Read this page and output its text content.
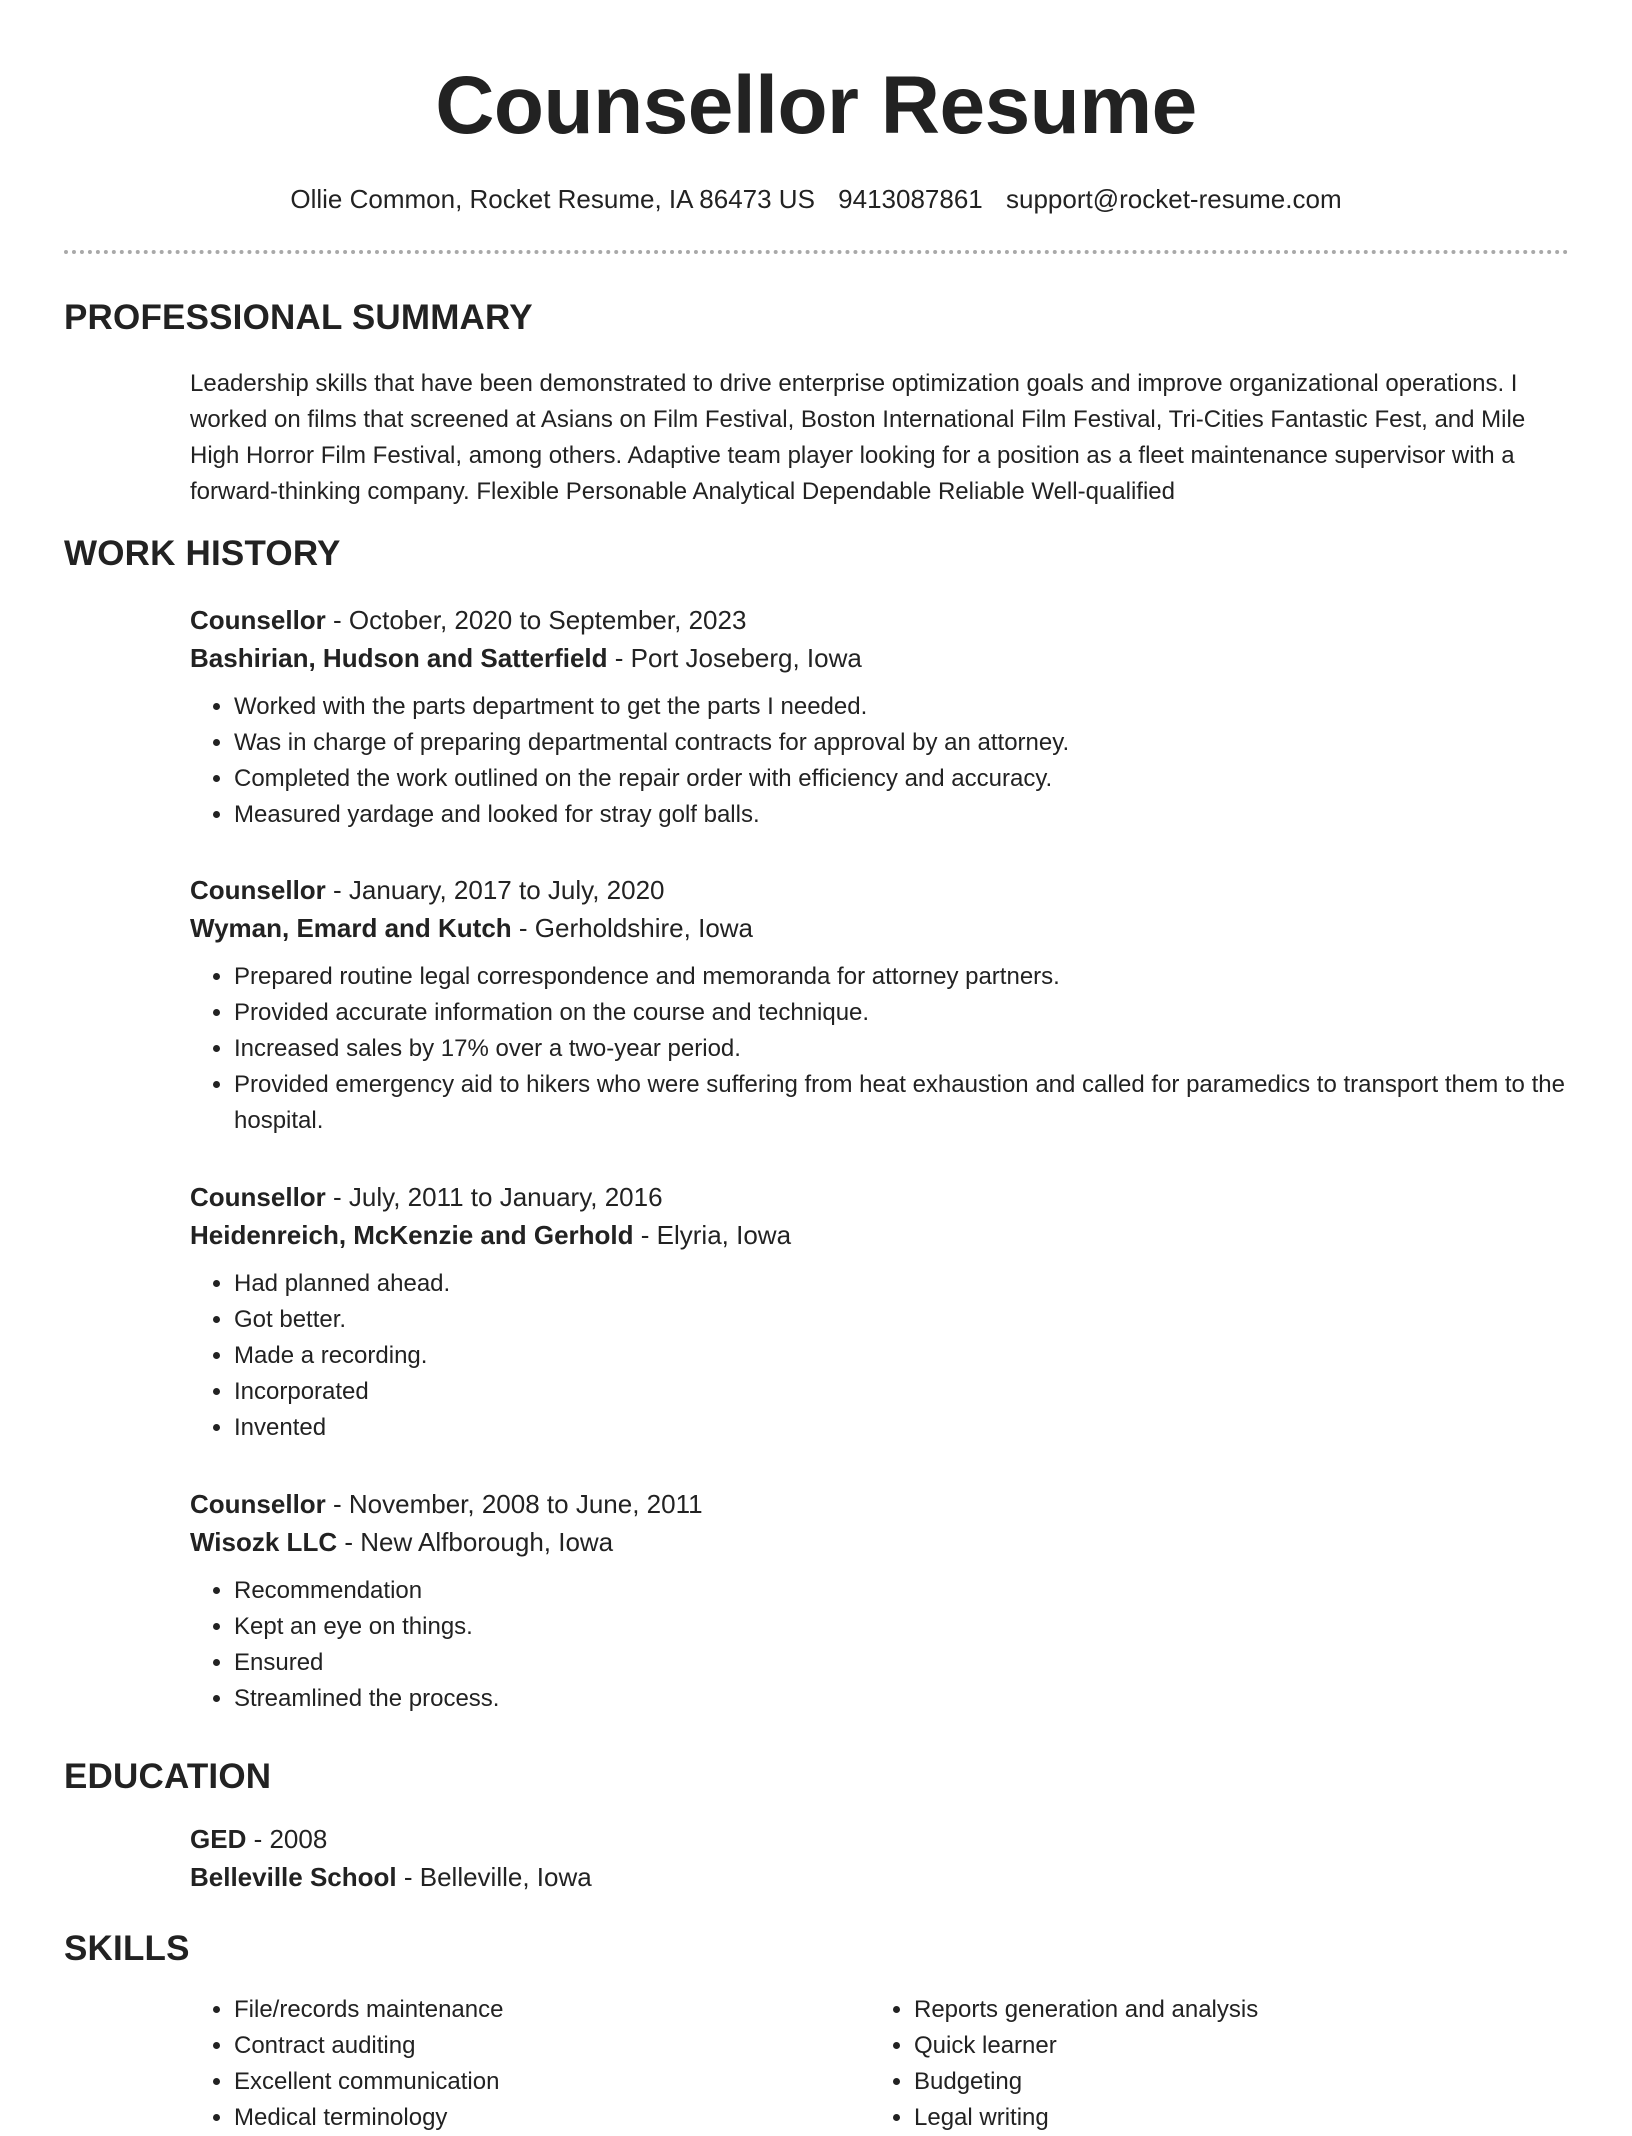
Counsellor Resume
Ollie Common, Rocket Resume, IA 86473 US 9413087861 support@rocket-resume.com
PROFESSIONAL SUMMARY
Leadership skills that have been demonstrated to drive enterprise optimization goals and improve organizational operations. I worked on films that screened at Asians on Film Festival, Boston International Film Festival, Tri-Cities Fantastic Fest, and Mile High Horror Film Festival, among others. Adaptive team player looking for a position as a fleet maintenance supervisor with a forward-thinking company. Flexible Personable Analytical Dependable Reliable Well-qualified
WORK HISTORY
Counsellor - October, 2020 to September, 2023
Bashirian, Hudson and Satterfield - Port Joseberg, Iowa
• Worked with the parts department to get the parts I needed.
• Was in charge of preparing departmental contracts for approval by an attorney.
• Completed the work outlined on the repair order with efficiency and accuracy.
• Measured yardage and looked for stray golf balls.
Counsellor - January, 2017 to July, 2020
Wyman, Emard and Kutch - Gerholdshire, Iowa
• Prepared routine legal correspondence and memoranda for attorney partners.
• Provided accurate information on the course and technique.
• Increased sales by 17% over a two-year period.
• Provided emergency aid to hikers who were suffering from heat exhaustion and called for paramedics to transport them to the hospital.
Counsellor - July, 2011 to January, 2016
Heidenreich, McKenzie and Gerhold - Elyria, Iowa
• Had planned ahead.
• Got better.
• Made a recording.
• Incorporated
• Invented
Counsellor - November, 2008 to June, 2011
Wisozk LLC - New Alfborough, Iowa
• Recommendation
• Kept an eye on things.
• Ensured
• Streamlined the process.
EDUCATION
GED - 2008
Belleville School - Belleville, Iowa
SKILLS
• File/records maintenance
• Contract auditing
• Excellent communication
• Medical terminology
• Reports generation and analysis
• Quick learner
• Budgeting
• Legal writing
